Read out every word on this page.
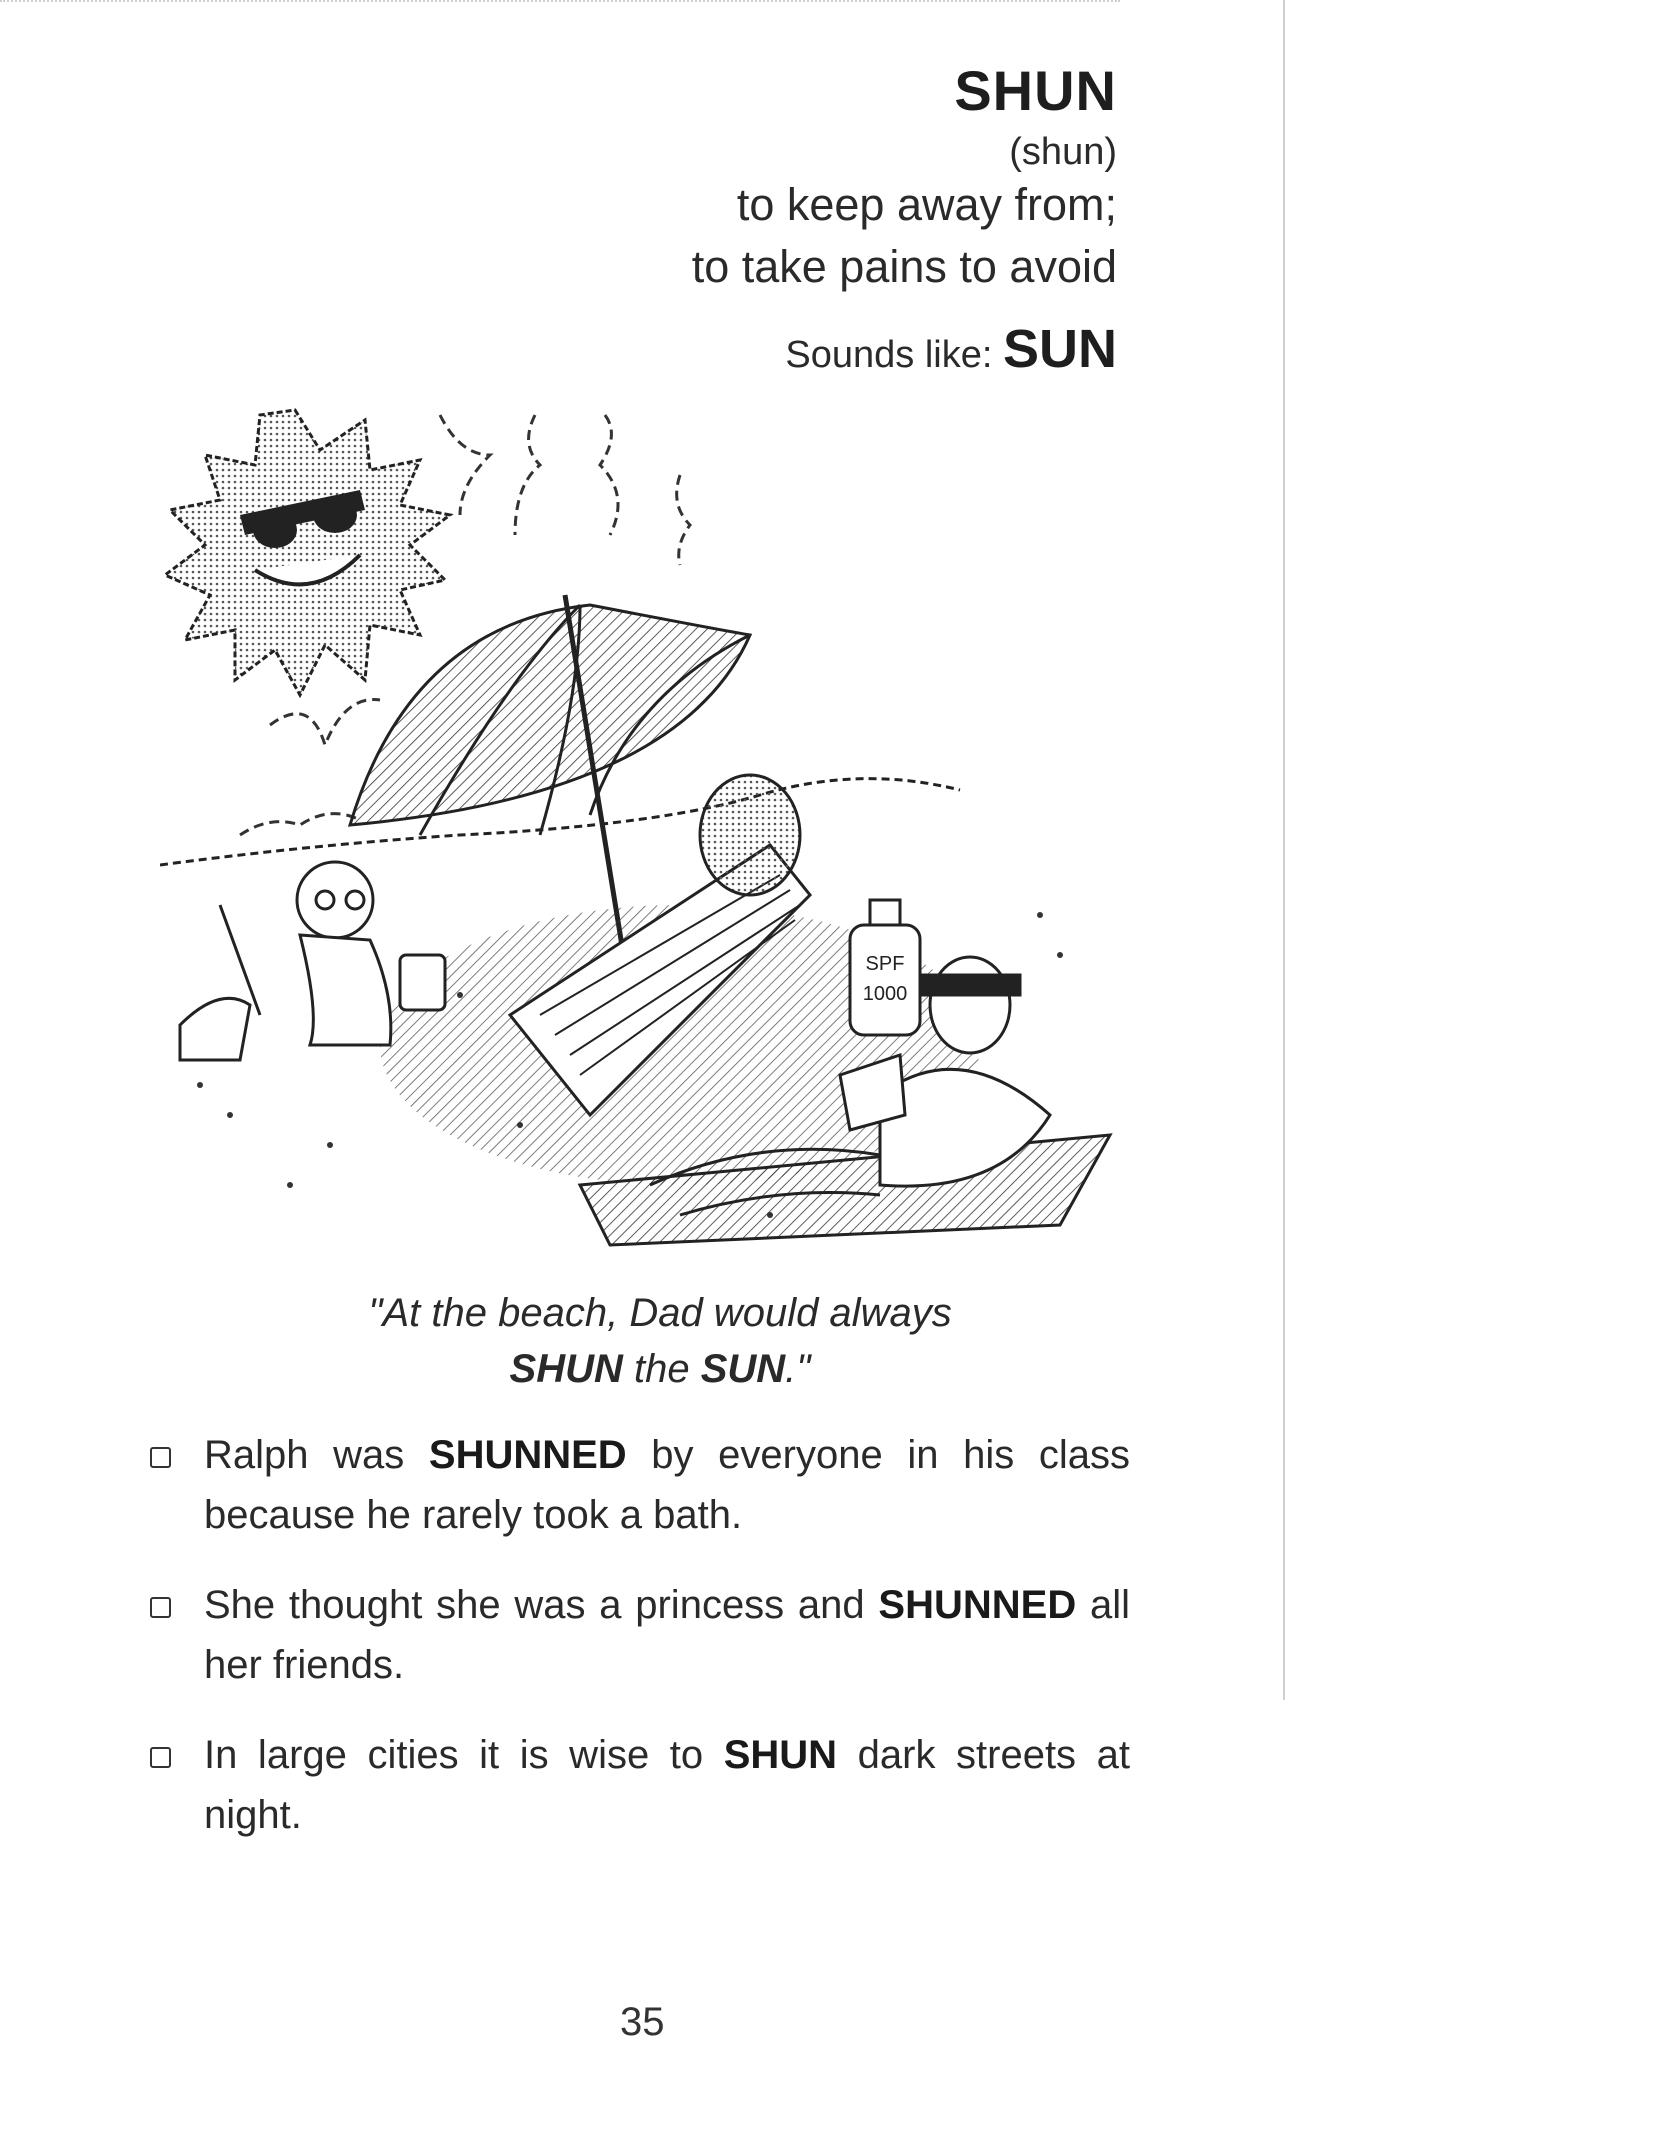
SHUN
(shun)
to keep away from;
to take pains to avoid
Sounds like: SUN
SPF
1000
"At the beach, Dad would always
SHUN the SUN."
Ralph was SHUNNED by everyone in his class because he rarely took a bath.
She thought she was a princess and SHUNNED all her friends.
In large cities it is wise to SHUN dark streets at night.
35
